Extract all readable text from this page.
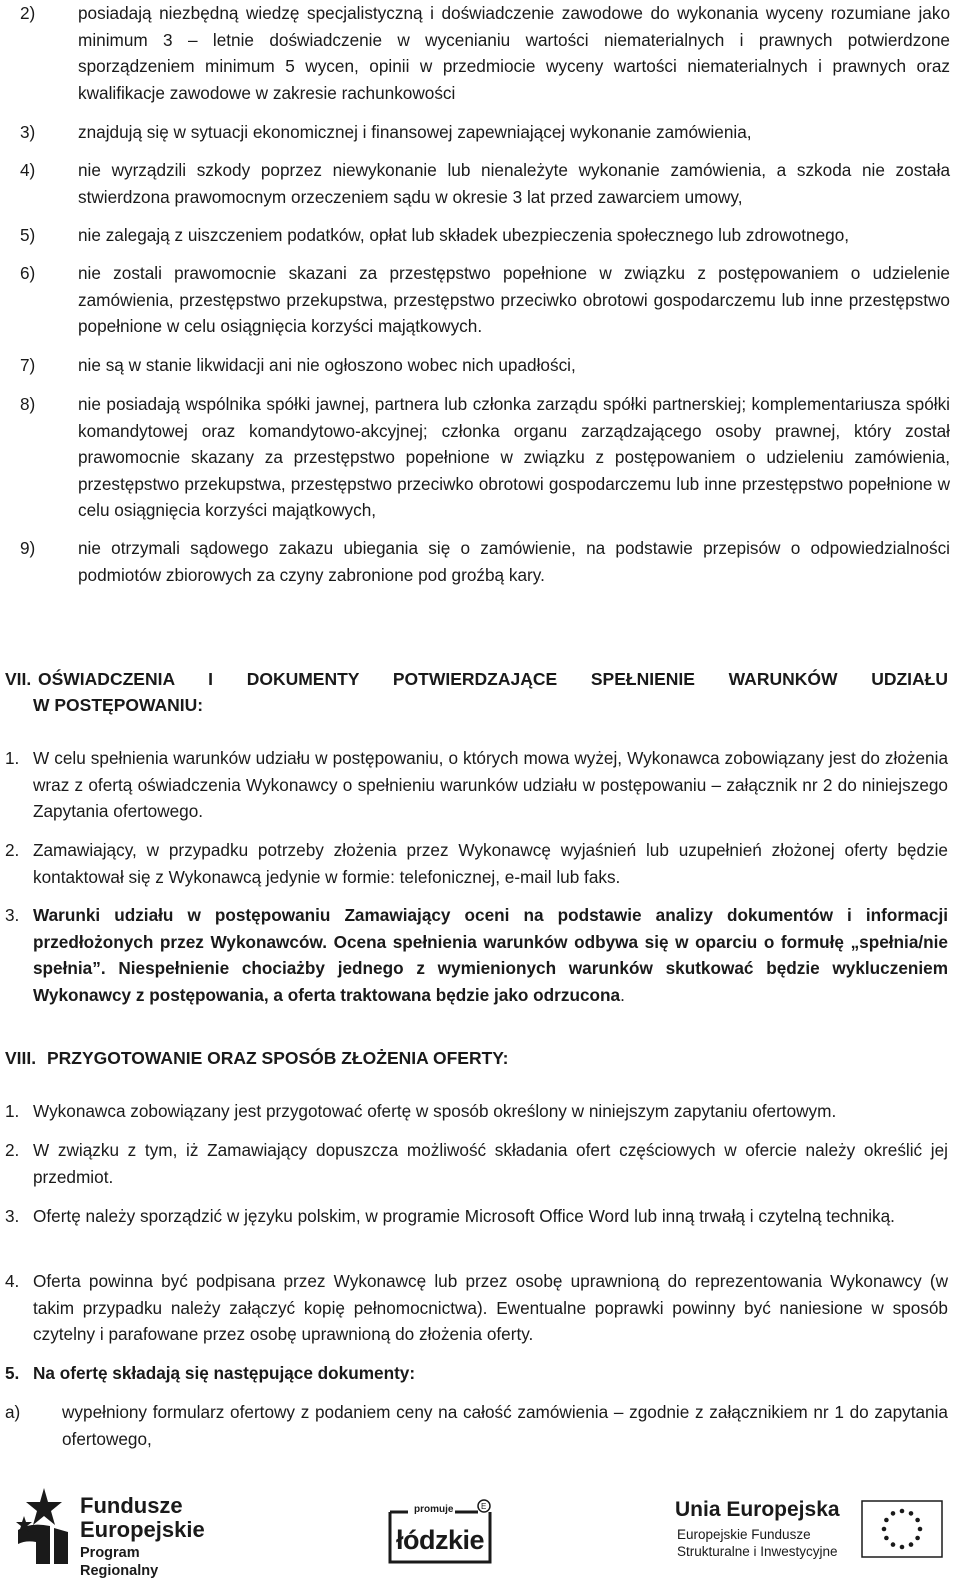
2) posiadają niezbędną wiedzę specjalistyczną i doświadczenie zawodowe do wykonania wyceny rozumiane jako minimum 3 – letnie doświadczenie w wycenianiu wartości niematerialnych i prawnych potwierdzone sporządzeniem minimum 5 wycen, opinii w przedmiocie wyceny wartości niematerialnych i prawnych oraz kwalifikacje zawodowe w zakresie rachunkowości
3) znajdują się w sytuacji ekonomicznej i finansowej zapewniającej wykonanie zamówienia,
4) nie wyrządzili szkody poprzez niewykonanie lub nienależyte wykonanie zamówienia, a szkoda nie została stwierdzona prawomocnym orzeczeniem sądu w okresie 3 lat przed zawarciem umowy,
5) nie zalegają z uiszczeniem podatków, opłat lub składek ubezpieczenia społecznego lub zdrowotnego,
6) nie zostali prawomocnie skazani za przestępstwo popełnione w związku z postępowaniem o udzielenie zamówienia, przestępstwo przekupstwa, przestępstwo przeciwko obrotowi gospodarczemu lub inne przestępstwo popełnione w celu osiągnięcia korzyści majątkowych.
7) nie są w stanie likwidacji ani nie ogłoszono wobec nich upadłości,
8) nie posiadają wspólnika spółki jawnej, partnera lub członka zarządu spółki partnerskiej; komplementariusza spółki komandytowej oraz komandytowo-akcyjnej; członka organu zarządzającego osoby prawnej, który został prawomocnie skazany za przestępstwo popełnione w związku z postępowaniem o udzieleniu zamówienia, przestępstwo przekupstwa, przestępstwo przeciwko obrotowi gospodarczemu lub inne przestępstwo popełnione w celu osiągnięcia korzyści majątkowych,
9) nie otrzymali sądowego zakazu ubiegania się o zamówienie, na podstawie przepisów o odpowiedzialności podmiotów zbiorowych za czyny zabronione pod groźbą kary.
VII. OŚWIADCZENIA I DOKUMENTY POTWIERDZAJĄCE SPEŁNIENIE WARUNKÓW UDZIAŁU
W POSTĘPOWANIU:
1. W celu spełnienia warunków udziału w postępowaniu, o których mowa wyżej, Wykonawca zobowiązany jest do złożenia wraz z ofertą oświadczenia Wykonawcy o spełnieniu warunków udziału w postępowaniu – załącznik nr 2 do niniejszego Zapytania ofertowego.
2. Zamawiający, w przypadku potrzeby złożenia przez Wykonawcę wyjaśnień lub uzupełnień złożonej oferty będzie kontaktował się z Wykonawcą jedynie w formie: telefonicznej, e-mail lub faks.
3. Warunki udziału w postępowaniu Zamawiający oceni na podstawie analizy dokumentów i informacji przedłożonych przez Wykonawców. Ocena spełnienia warunków odbywa się w oparciu o formułę „spełnia/nie spełnia”. Niespełnienie chociażby jednego z wymienionych warunków skutkować będzie wykluczeniem Wykonawcy z postępowania, a oferta traktowana będzie jako odrzucona.
VIII. PRZYGOTOWANIE ORAZ SPOSÓB ZŁOŻENIA OFERTY:
1. Wykonawca zobowiązany jest przygotować ofertę w sposób określony w niniejszym zapytaniu ofertowym.
2. W związku z tym, iż Zamawiający dopuszcza możliwość składania ofert częściowych w ofercie należy określić jej przedmiot.
3. Ofertę należy sporządzić w języku polskim, w programie Microsoft Office Word lub inną trwałą i czytelną techniką.
4. Oferta powinna być podpisana przez Wykonawcę lub przez osobę uprawnioną do reprezentowania Wykonawcy (w takim przypadku należy załączyć kopię pełnomocnictwa). Ewentualne poprawki powinny być naniesione w sposób czytelny i parafowane przez osobę uprawnioną do złożenia oferty.
5. Na ofertę składają się następujące dokumenty:
a) wypełniony formularz ofertowy z podaniem ceny na całość zamówienia – zgodnie z załącznikiem nr 1 do zapytania ofertowego,
Fundusze
Europejskie
Program Regionalny
E
promuje
łódzkie
Unia Europejska
Europejskie Fundusze
Strukturalne i Inwestycyjne
